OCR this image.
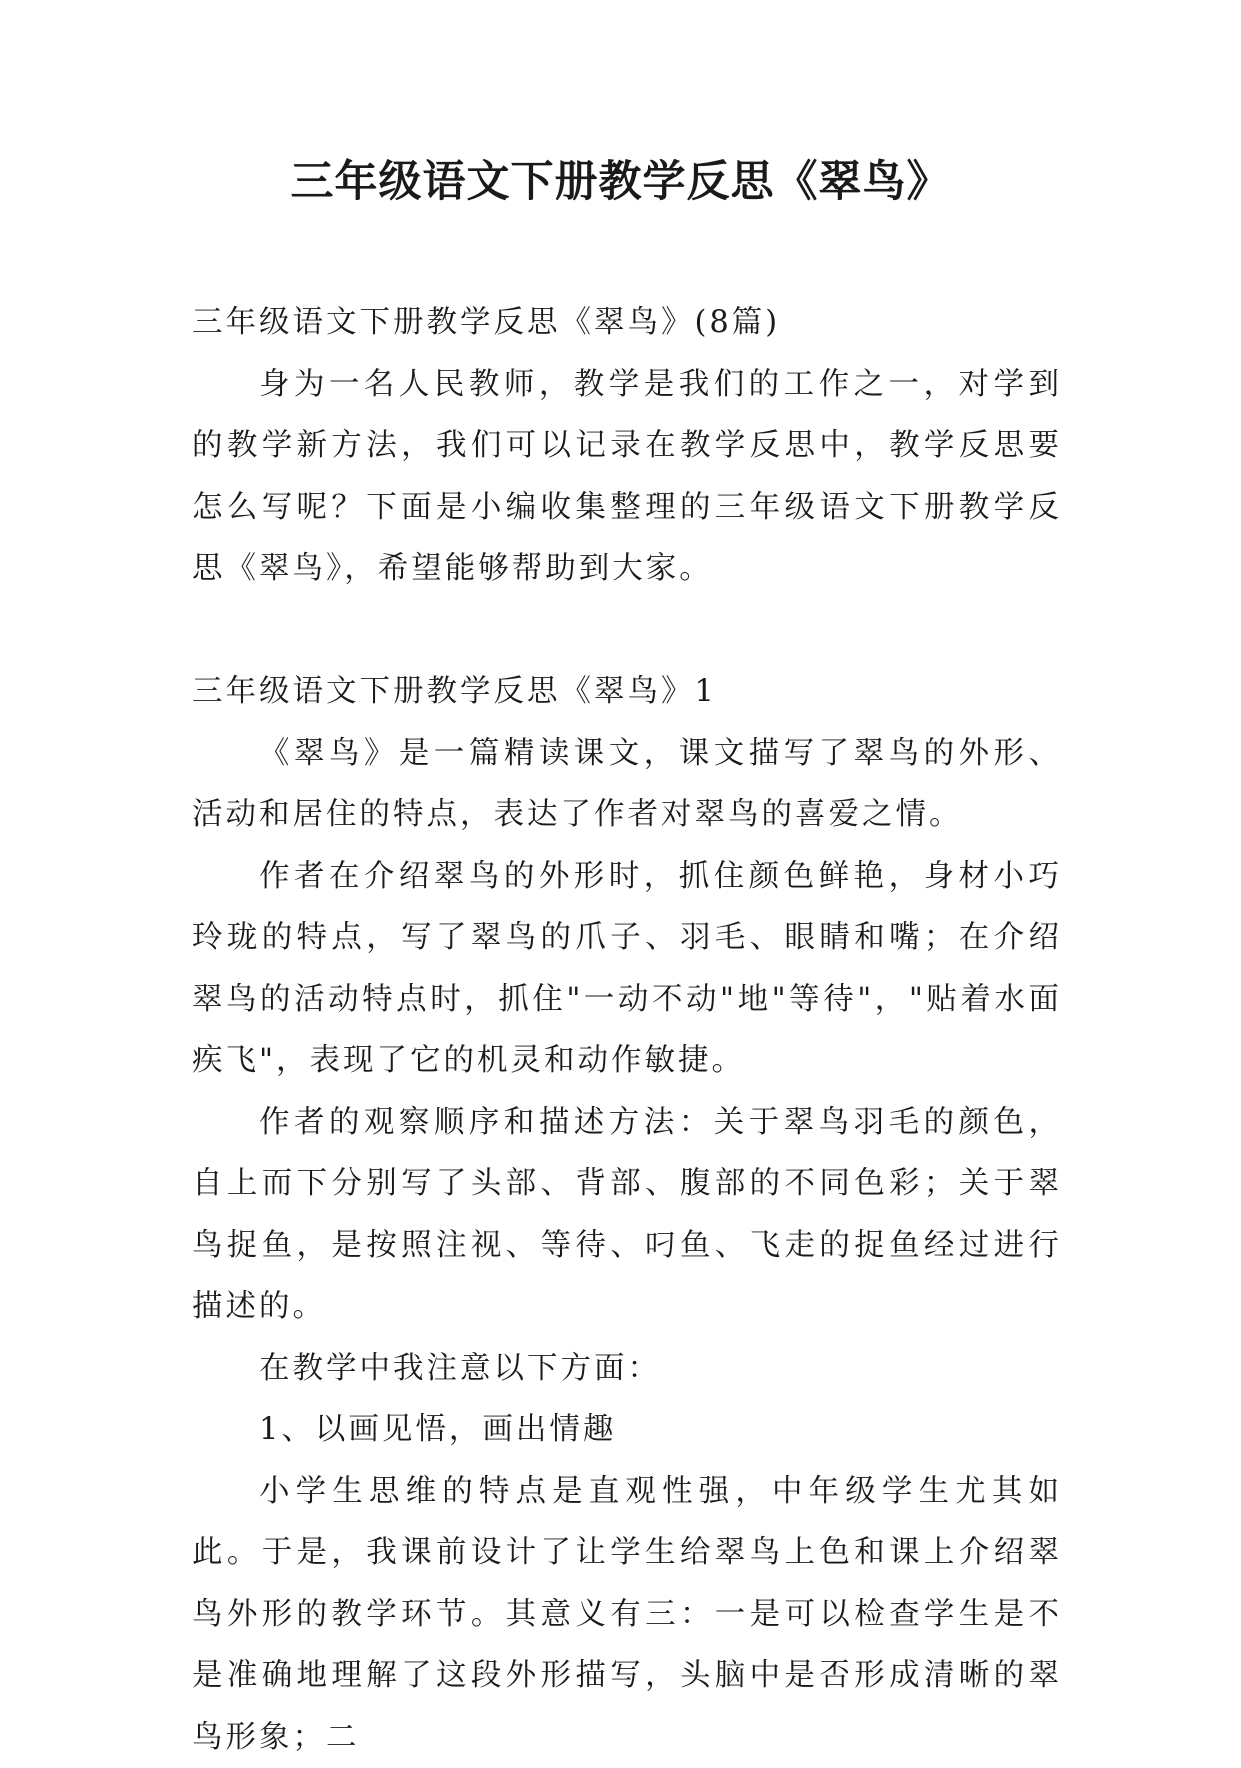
三年级语文下册教学反思《翠鸟》

三年级语文下册教学反思《翠鸟》(8篇)

身为一名人民教师，教学是我们的工作之一，对学到的教学新方法，我们可以记录在教学反思中，教学反思要怎么写呢？下面是小编收集整理的三年级语文下册教学反思《翠鸟》，希望能够帮助到大家。

三年级语文下册教学反思《翠鸟》1

《翠鸟》是一篇精读课文，课文描写了翠鸟的外形、活动和居住的特点，表达了作者对翠鸟的喜爱之情。

作者在介绍翠鸟的外形时，抓住颜色鲜艳，身材小巧玲珑的特点，写了翠鸟的爪子、羽毛、眼睛和嘴；在介绍翠鸟的活动特点时，抓住"一动不动"地"等待"，"贴着水面疾飞"，表现了它的机灵和动作敏捷。

作者的观察顺序和描述方法：关于翠鸟羽毛的颜色，自上而下分别写了头部、背部、腹部的不同色彩；关于翠鸟捉鱼，是按照注视、等待、叼鱼、飞走的捉鱼经过进行描述的。

在教学中我注意以下方面：

1、以画见悟，画出情趣

小学生思维的特点是直观性强，中年级学生尤其如此。于是，我课前设计了让学生给翠鸟上色和课上介绍翠鸟外形的教学环节。其意义有三：一是可以检查学生是不是准确地理解了这段外形描写，头脑中是否形成清晰的翠鸟形象；二
